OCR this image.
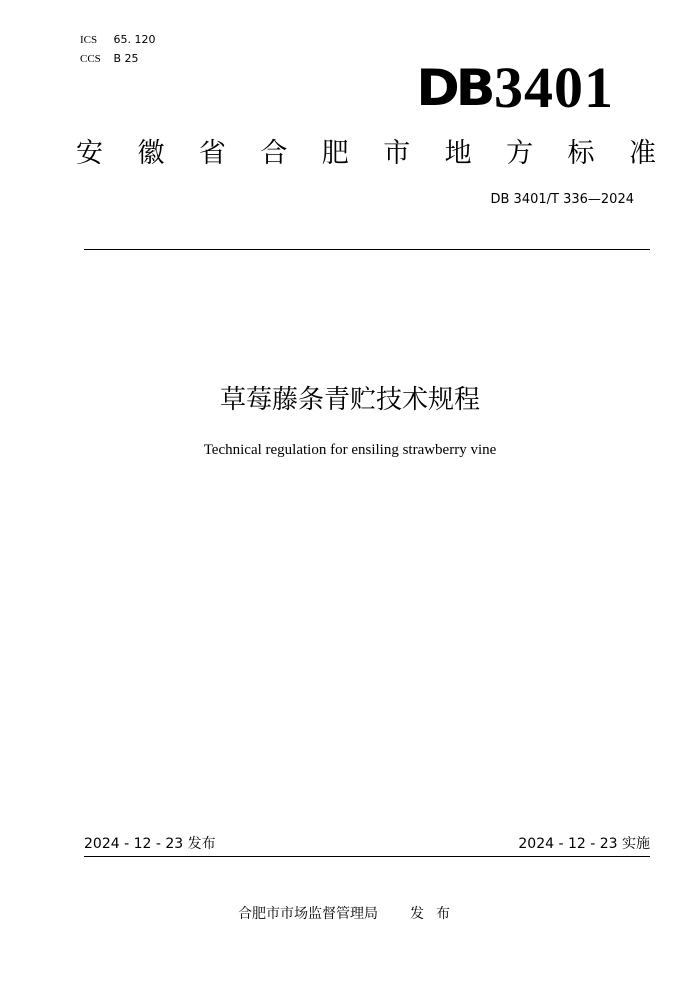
ICS 65. 120
CCS B 25
DB 3401
安 徽 省 合 肥 市 地 方 标 准
DB 3401/T 336—2024
草莓藤条青贮技术规程
Technical regulation for ensiling strawberry vine
2024 - 12 - 23 发布	2024 - 12 - 23 实施
合肥市市场监督管理局 发布
